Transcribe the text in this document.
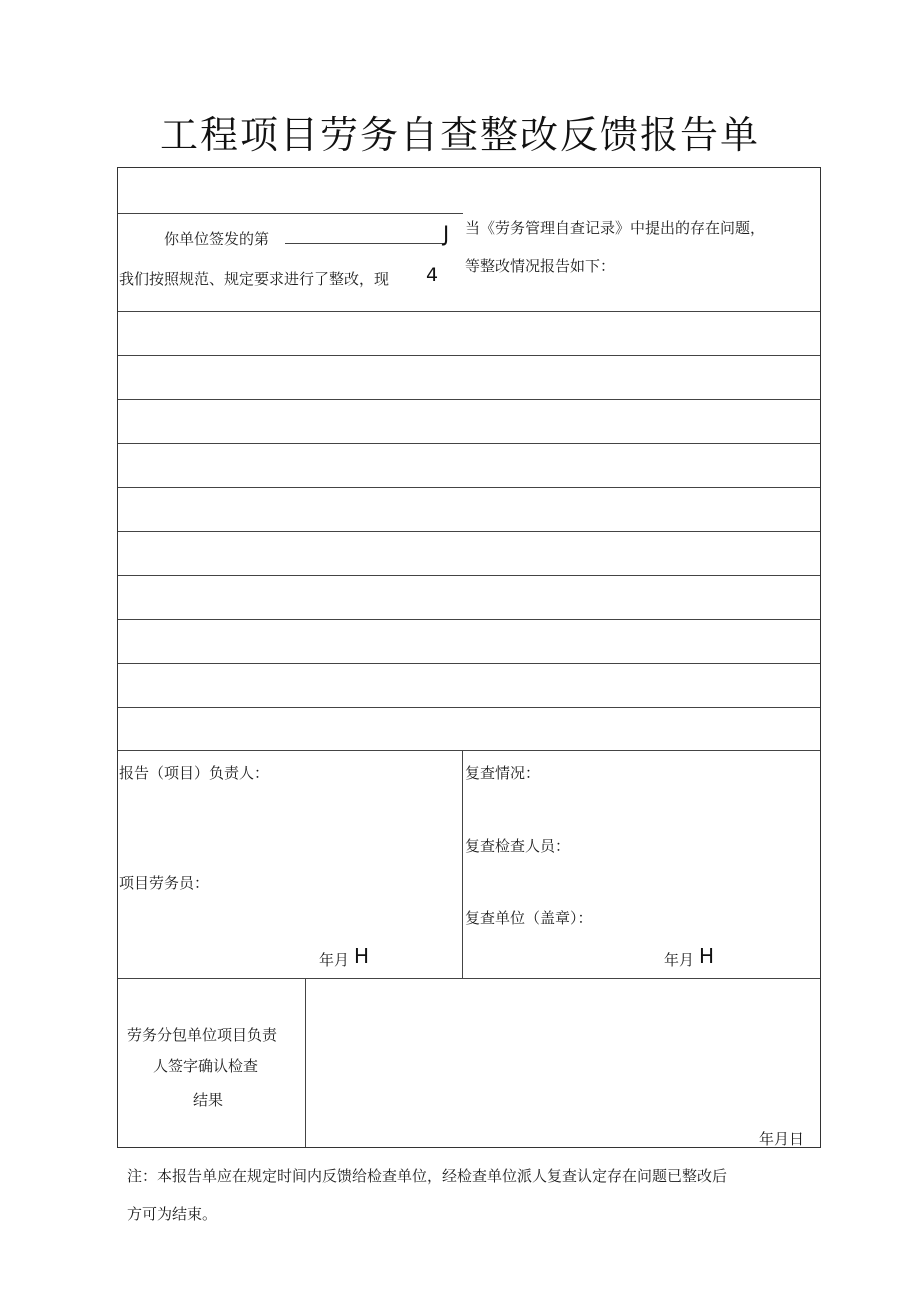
工程项目劳务自查整改反馈报告单
你单位签发的第	J 当《劳务管理自查记录》中提出的存在问题，
我们按照规范、规定要求进行了整改，现 4 等整改情况报告如下：
报告（项目）负责人：
项目劳务员：
年月 H
复查情况：
复查检查人员：
复查单位（盖章）：
年月 H
劳务分包单位项目负责
人签字确认检查
结果
年月日
注：本报告单应在规定时间内反馈给检查单位，经检查单位派人复查认定存在问题已整改后
方可为结束。
